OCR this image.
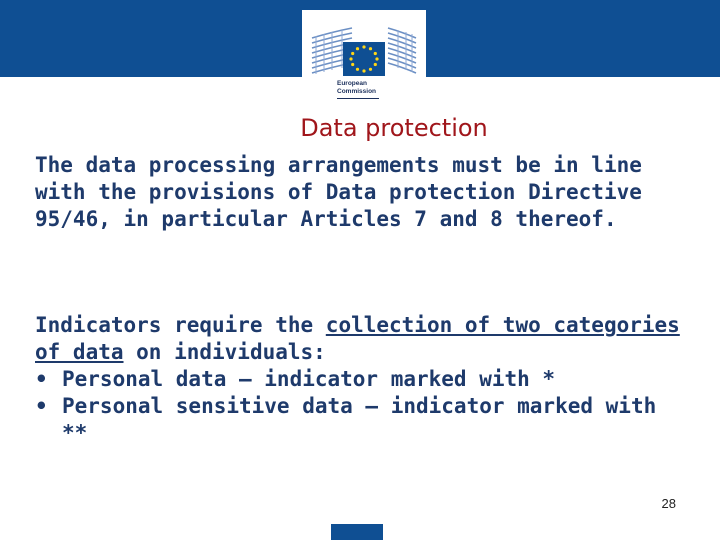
European
Commission
Data protection

The data processing arrangements must be in line with the provisions of Data protection Directive 95/46, in particular Articles 7 and 8 thereof.

Indicators require the collection of two categories of data on individuals:

• Personal data – indicator marked with *
• Personal sensitive data – indicator marked with **
28
